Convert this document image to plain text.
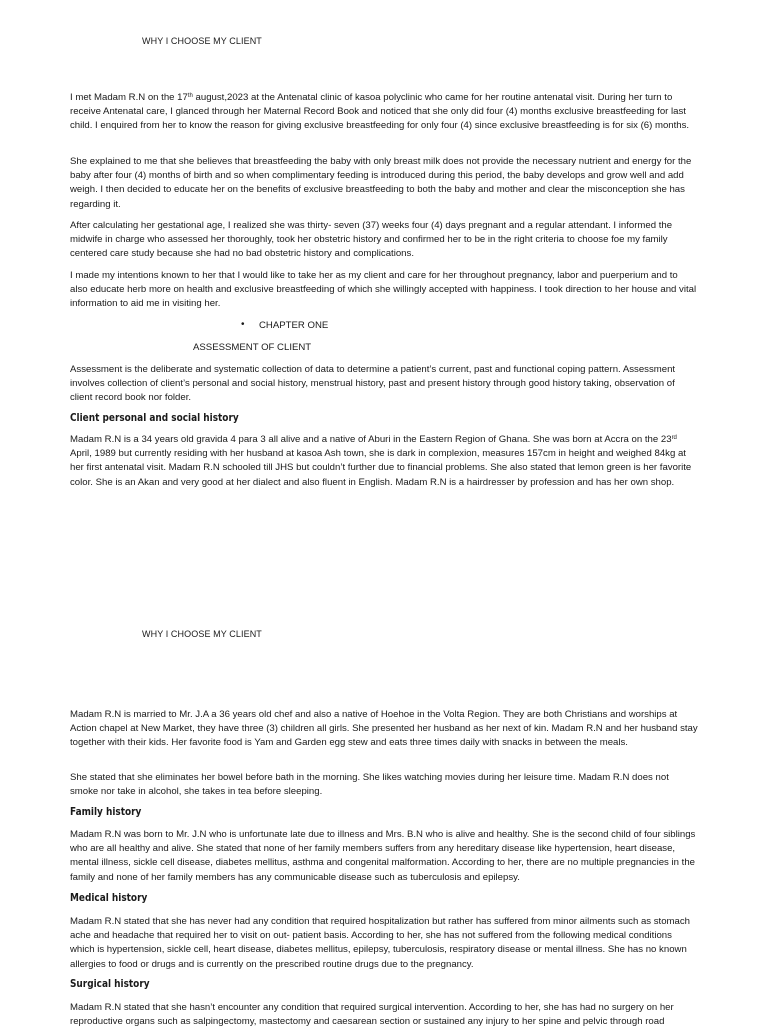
WHY I CHOOSE MY CLIENT

I met Madam R.N on the 17th august,2023 at the Antenatal clinic of kasoa polyclinic who came for her routine antenatal visit. During her turn to receive Antenatal care, I glanced through her Maternal Record Book and noticed that she only did four (4) months exclusive breastfeeding for last child. I enquired from her to know the reason for giving exclusive breastfeeding for only four (4) since exclusive breastfeeding is for six (6) months.

She explained to me that she believes that breastfeeding the baby with only breast milk does not provide the necessary nutrient and energy for the baby after four (4) months of birth and so when complimentary feeding is introduced during this period, the baby develops and grow well and add weigh. I then decided to educate her on the benefits of exclusive breastfeeding to both the baby and mother and clear the misconception she has regarding it.

After calculating her gestational age, I realized she was thirty- seven (37) weeks four (4) days pregnant and a regular attendant. I informed the midwife in charge who assessed her thoroughly, took her obstetric history and confirmed her to be in the right criteria to choose foe my family centered care study because she had no bad obstetric history and complications.

I made my intentions known to her that I would like to take her as my client and care for her throughout pregnancy, labor and puerperium and to also educate herb more on health and exclusive breastfeeding of which she willingly accepted with happiness. I took direction to her house and vital information to aid me in visiting her.

• CHAPTER ONE
ASSESSMENT OF CLIENT

Assessment is the deliberate and systematic collection of data to determine a patient’s current, past and functional coping pattern. Assessment involves collection of client’s personal and social history, menstrual history, past and present history through good history taking, observation of client record book nor folder.

Client personal and social history

Madam R.N is a 34 years old gravida 4 para 3 all alive and a native of Aburi in the Eastern Region of Ghana. She was born at Accra on the 23rd April, 1989 but currently residing with her husband at kasoa Ash town, she is dark in complexion, measures 157cm in height and weighed 84kg at her first antenatal visit. Madam R.N schooled till JHS but couldn’t further due to financial problems. She also stated that lemon green is her favorite color. She is an Akan and very good at her dialect and also fluent in English. Madam R.N is a hairdresser by profession and has her own shop.

WHY I CHOOSE MY CLIENT

Madam R.N is married to Mr. J.A a 36 years old chef and also a native of Hoehoe in the Volta Region. They are both Christians and worships at Action chapel at New Market, they have three (3) children all girls. She presented her husband as her next of kin. Madam R.N and her husband stay together with their kids. Her favorite food is Yam and Garden egg stew and eats three times daily with snacks in between the meals.

She stated that she eliminates her bowel before bath in the morning. She likes watching movies during her leisure time. Madam R.N does not smoke nor take in alcohol, she takes in tea before sleeping.

Family history

Madam R.N was born to Mr. J.N who is unfortunate late due to illness and Mrs. B.N who is alive and healthy. She is the second child of four siblings who are all healthy and alive. She stated that none of her family members suffers from any hereditary disease like hypertension, heart disease, mental illness, sickle cell disease, diabetes mellitus, asthma and congenital malformation. According to her, there are no multiple pregnancies in the family and none of her family members has any communicable disease such as tuberculosis and epilepsy.

Medical history

Madam R.N stated that she has never had any condition that required hospitalization but rather has suffered from minor ailments such as stomach ache and headache that required her to visit on out- patient basis. According to her, she has not suffered from the following medical conditions which is hypertension, sickle cell, heart disease, diabetes mellitus, epilepsy, tuberculosis, respiratory disease or mental illness. She has no known allergies to food or drugs and is currently on the prescribed routine drugs due to the pregnancy.

Surgical history

Madam R.N stated that she hasn’t encounter any condition that required surgical intervention. According to her, she has had no surgery on her reproductive organs such as salpingectomy, mastectomy and caesarean section or sustained any injury to her spine and pelvic through road
